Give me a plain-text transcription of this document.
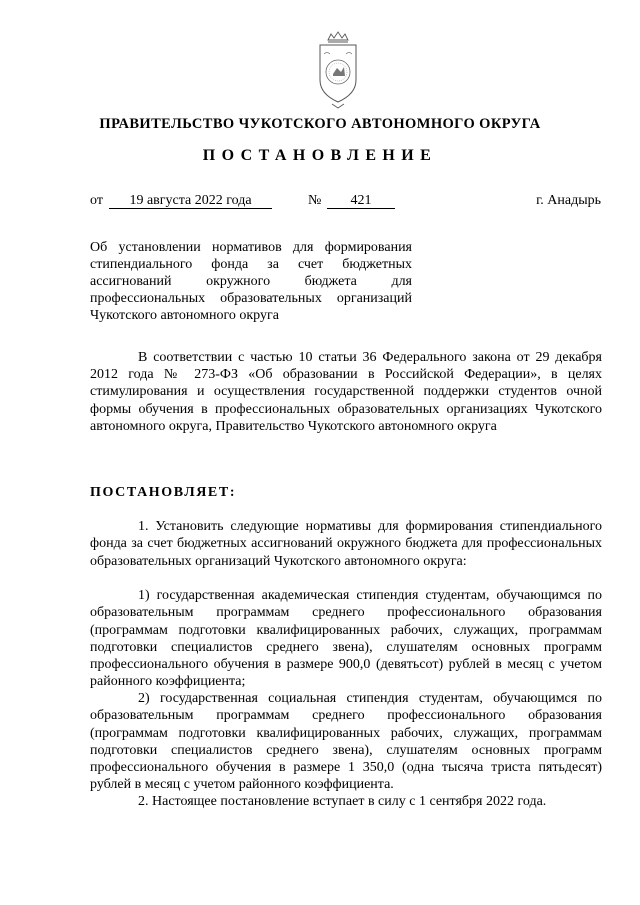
ПРАВИТЕЛЬСТВО ЧУКОТСКОГО АВТОНОМНОГО ОКРУГА
ПОСТАНОВЛЕНИЕ
от	19 августа 2022 года	№	421	г. Анадырь
Об установлении нормативов для формирования
стипендиального фонда за счет бюджетных
ассигнований окружного бюджета для
профессиональных образовательных организаций
Чукотского автономного округа

В соответствии с частью 10 статьи 36 Федерального закона от 29 декабря 2012 года № 273-ФЗ «Об образовании в Российской Федерации», в целях стимулирования и осуществления государственной поддержки студентов очной формы обучения в профессиональных образовательных организациях Чукотского автономного округа, Правительство Чукотского автономного округа

ПОСТАНОВЛЯЕТ:

1. Установить следующие нормативы для формирования стипендиального фонда за счет бюджетных ассигнований окружного бюджета для профессиональных образовательных организаций Чукотского автономного округа:

1) государственная академическая стипендия студентам, обучающимся по образовательным программам среднего профессионального образования (программам подготовки квалифицированных рабочих, служащих, программам подготовки специалистов среднего звена), слушателям основных программ профессионального обучения в размере 900,0 (девятьсот) рублей в месяц с учетом районного коэффициента;

2) государственная социальная стипендия студентам, обучающимся по образовательным программам среднего профессионального образования (программам подготовки квалифицированных рабочих, служащих, программам подготовки специалистов среднего звена), слушателям основных программ профессионального обучения в размере 1 350,0 (одна тысяча триста пятьдесят) рублей в месяц с учетом районного коэффициента.

2. Настоящее постановление вступает в силу с 1 сентября 2022 года.
